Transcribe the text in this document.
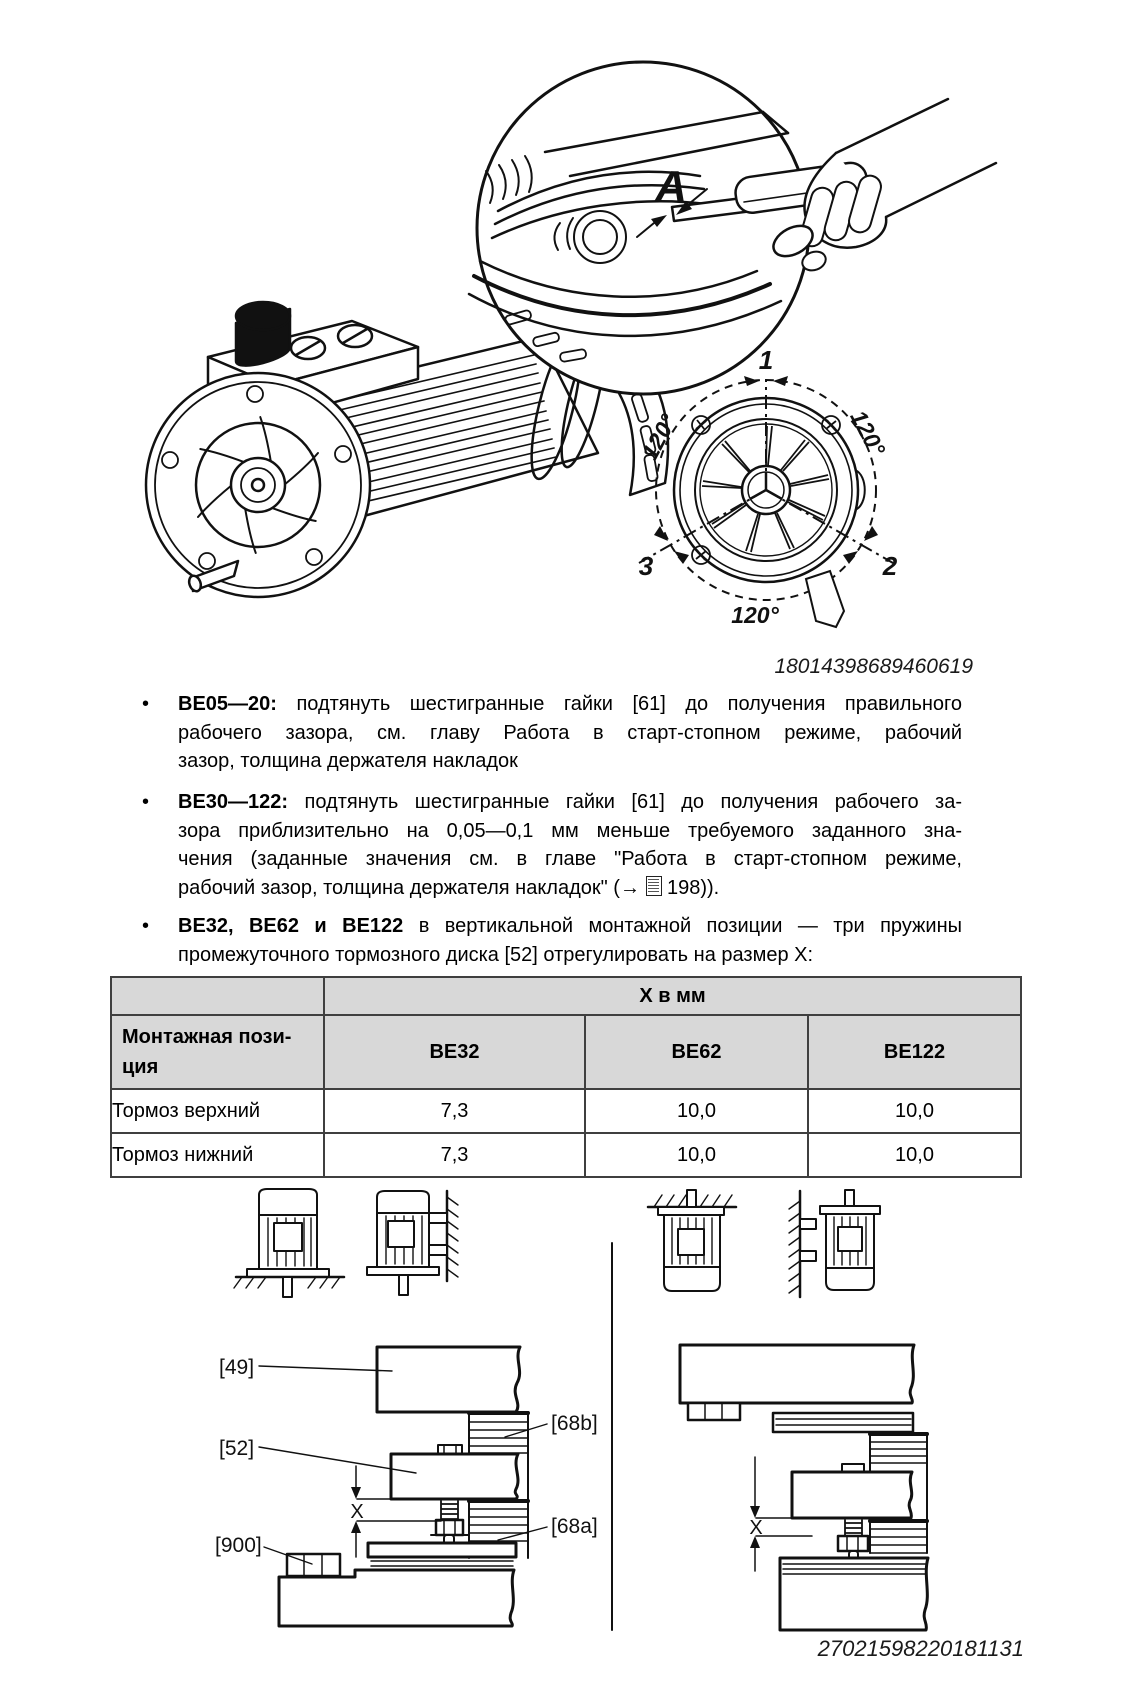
A
1
2
3
120°	120°
120°
18014398689460619
• BE05—20: подтянуть шестигранные гайки [61] до получения правильного
рабочего зазора, см. главу Работа в старт-стопном режиме, рабочий
зазор, толщина держателя накладок
• BE30—122: подтянуть шестигранные гайки [61] до получения рабочего за-
зора приблизительно на 0,05—0,1 мм меньше требуемого заданного зна-
чения (заданные значения см. в главе "Работа в старт-стопном режиме,
рабочий зазор, толщина держателя накладок" (→ 198)).
• BE32, BE62 и BE122 в вертикальной монтажной позиции — три пружины
промежуточного тормозного диска [52] отрегулировать на размер X:
	X в мм		

Монтажная пози-
ция	BE32	BE62	BE122
Тормоз верхний	7,3	10,0	10,0
Тормоз нижний	7,3	10,0	10,0
[49]
[68b]
[52]
[68a]
[900]
X
X
27021598220181131
